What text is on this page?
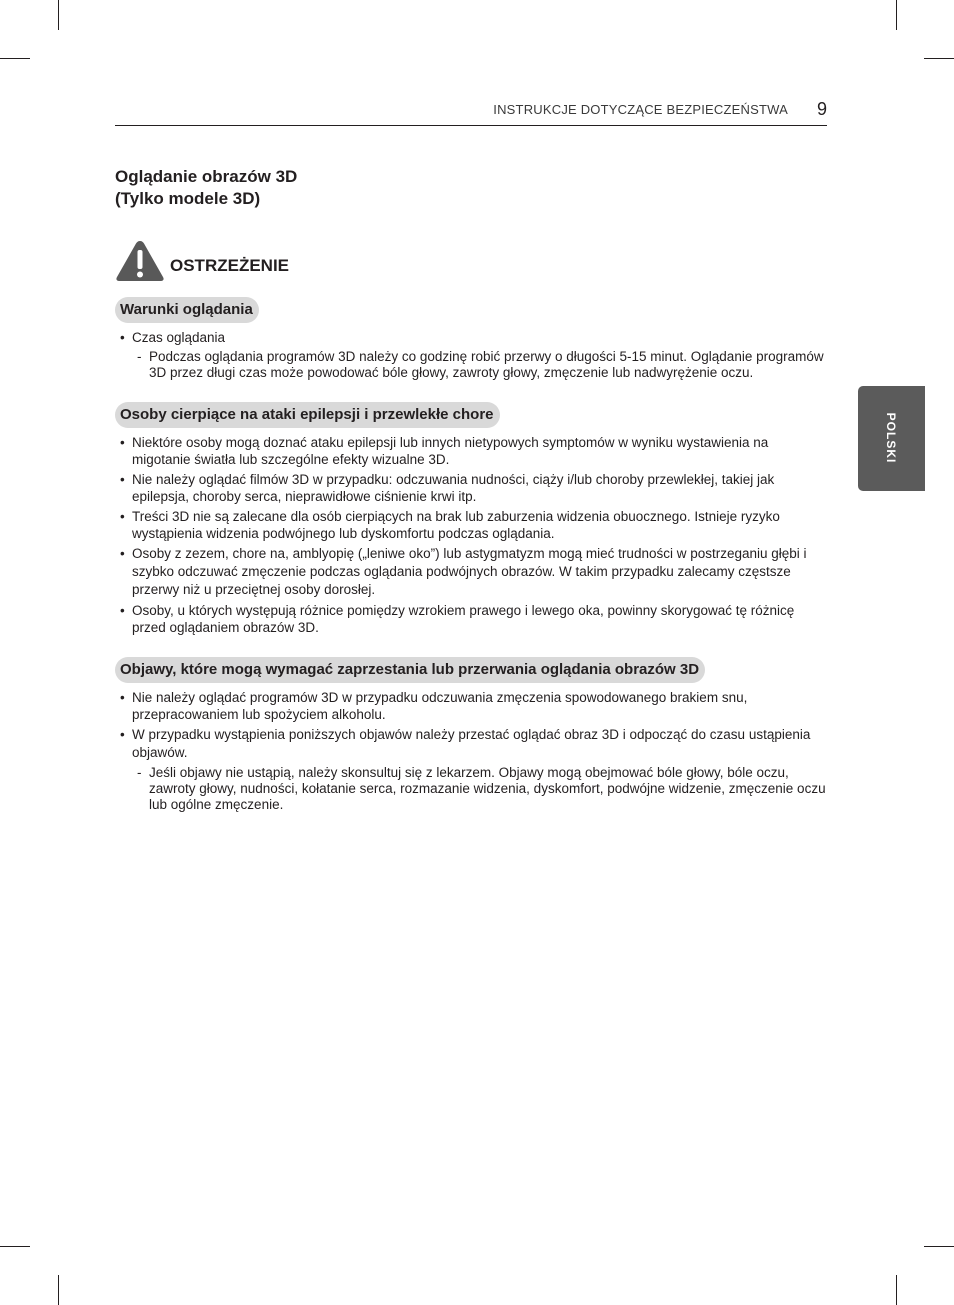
INSTRUKCJE DOTYCZĄCE BEZPIECZEŃSTWA 9
POLSKI
Oglądanie obrazów 3D
(Tylko modele 3D)
OSTRZEŻENIE
Warunki oglądania
• Czas oglądania
- Podczas oglądania programów 3D należy co godzinę robić przerwy o długości 5-15 minut. Oglądanie programów 3D przez długi czas może powodować bóle głowy, zawroty głowy, zmęczenie lub nadwyrężenie oczu.
Osoby cierpiące na ataki epilepsji i przewlekłe chore
• Niektóre osoby mogą doznać ataku epilepsji lub innych nietypowych symptomów w wyniku wystawienia na migotanie światła lub szczególne efekty wizualne 3D.
• Nie należy oglądać filmów 3D w przypadku: odczuwania nudności, ciąży i/lub choroby przewlekłej, takiej jak epilepsja, choroby serca, nieprawidłowe ciśnienie krwi itp.
• Treści 3D nie są zalecane dla osób cierpiących na brak lub zaburzenia widzenia obuocznego. Istnieje ryzyko wystąpienia widzenia podwójnego lub dyskomfortu podczas oglądania.
• Osoby z zezem, chore na, amblyopię („leniwe oko”) lub astygmatyzm mogą mieć trudności w postrzeganiu głębi i szybko odczuwać zmęczenie podczas oglądania podwójnych obrazów. W takim przypadku zalecamy częstsze przerwy niż u przeciętnej osoby dorosłej.
• Osoby, u których występują różnice pomiędzy wzrokiem prawego i lewego oka, powinny skorygować tę różnicę przed oglądaniem obrazów 3D.
Objawy, które mogą wymagać zaprzestania lub przerwania oglądania obrazów 3D
• Nie należy oglądać programów 3D w przypadku odczuwania zmęczenia spowodowanego brakiem snu, przepracowaniem lub spożyciem alkoholu.
• W przypadku wystąpienia poniższych objawów należy przestać oglądać obraz 3D i odpocząć do czasu ustąpienia objawów.
- Jeśli objawy nie ustąpią, należy skonsultuj się z lekarzem. Objawy mogą obejmować bóle głowy, bóle oczu, zawroty głowy, nudności, kołatanie serca, rozmazanie widzenia, dyskomfort, podwójne widzenie, zmęczenie oczu lub ogólne zmęczenie.
